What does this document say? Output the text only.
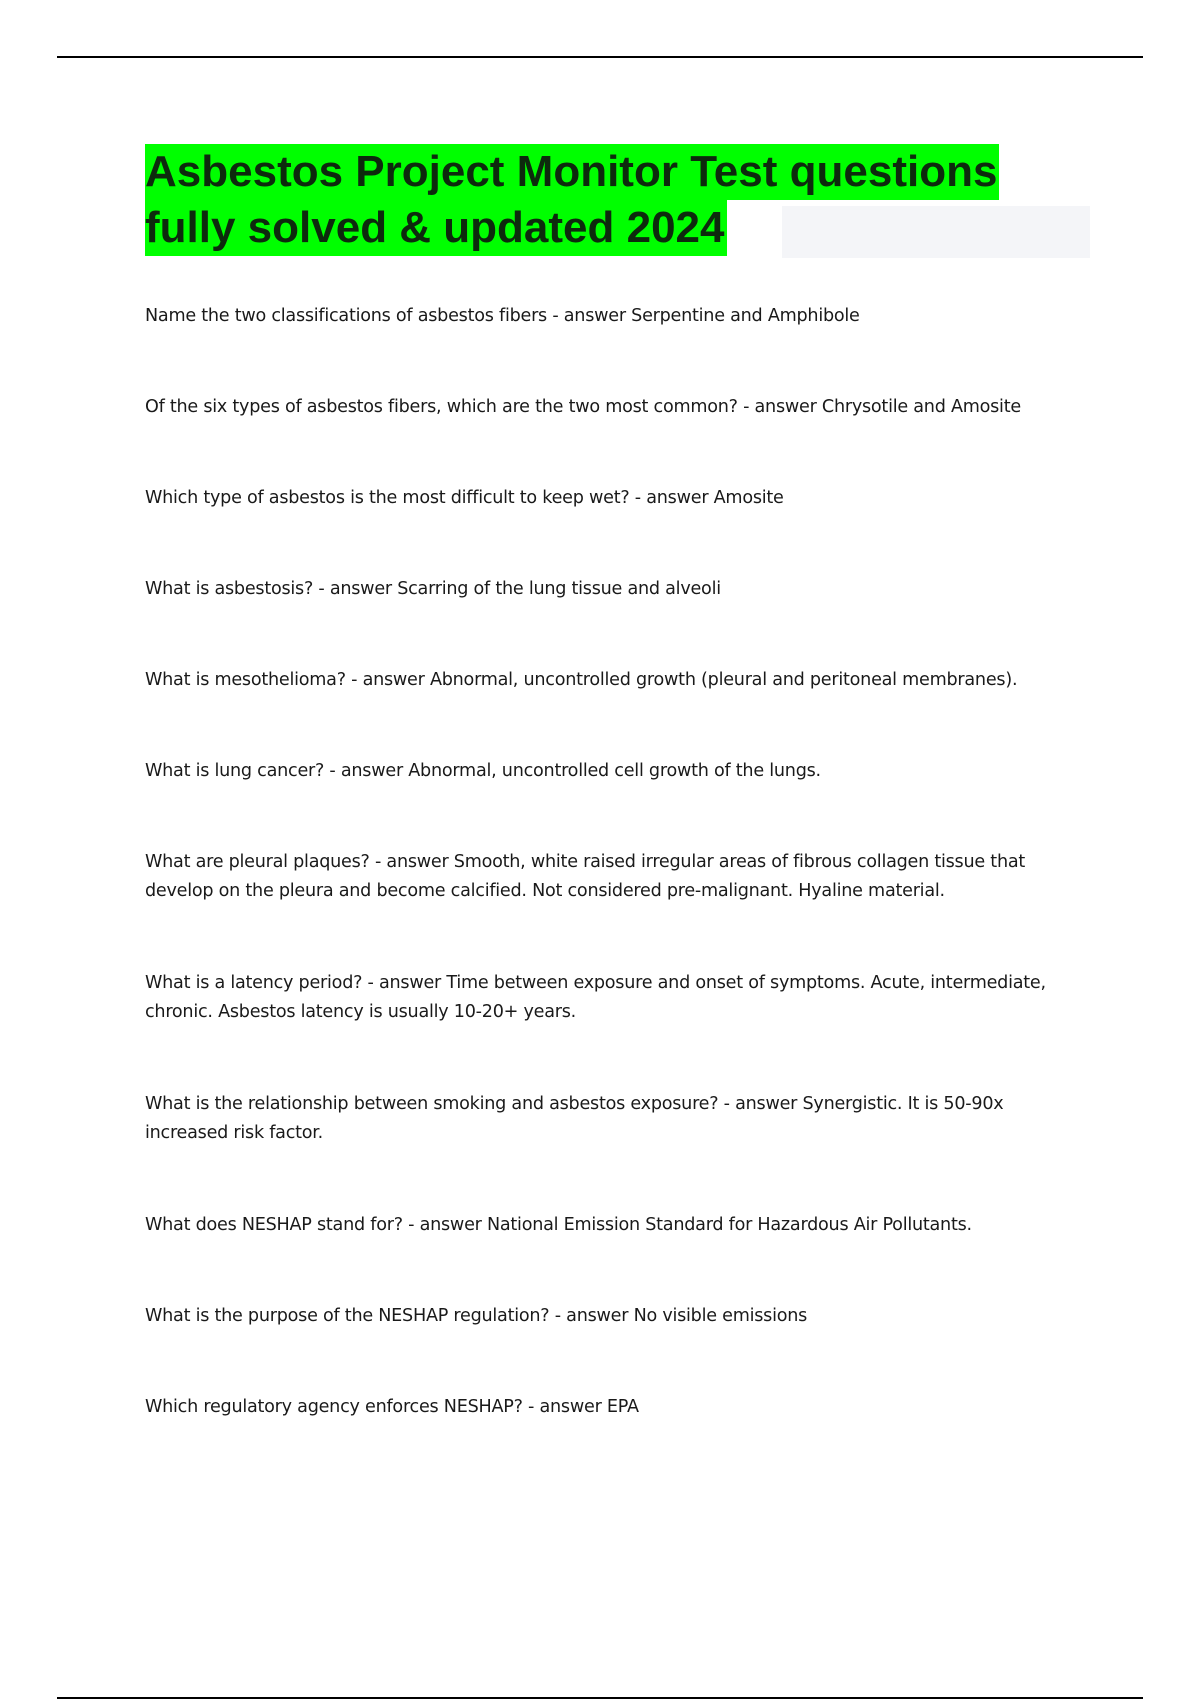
Asbestos Project Monitor Test questions
fully solved & updated 2024
Name the two classifications of asbestos fibers - answer Serpentine and Amphibole
Of the six types of asbestos fibers, which are the two most common? - answer Chrysotile and Amosite
Which type of asbestos is the most difficult to keep wet? - answer Amosite
What is asbestosis? - answer Scarring of the lung tissue and alveoli
What is mesothelioma? - answer Abnormal, uncontrolled growth (pleural and peritoneal membranes).
What is lung cancer? - answer Abnormal, uncontrolled cell growth of the lungs.
What are pleural plaques? - answer Smooth, white raised irregular areas of fibrous collagen tissue that develop on the pleura and become calcified. Not considered pre-malignant. Hyaline material.
What is a latency period? - answer Time between exposure and onset of symptoms. Acute, intermediate, chronic. Asbestos latency is usually 10-20+ years.
What is the relationship between smoking and asbestos exposure? - answer Synergistic. It is 50-90x increased risk factor.
What does NESHAP stand for? - answer National Emission Standard for Hazardous Air Pollutants.
What is the purpose of the NESHAP regulation? - answer No visible emissions
Which regulatory agency enforces NESHAP? - answer EPA
